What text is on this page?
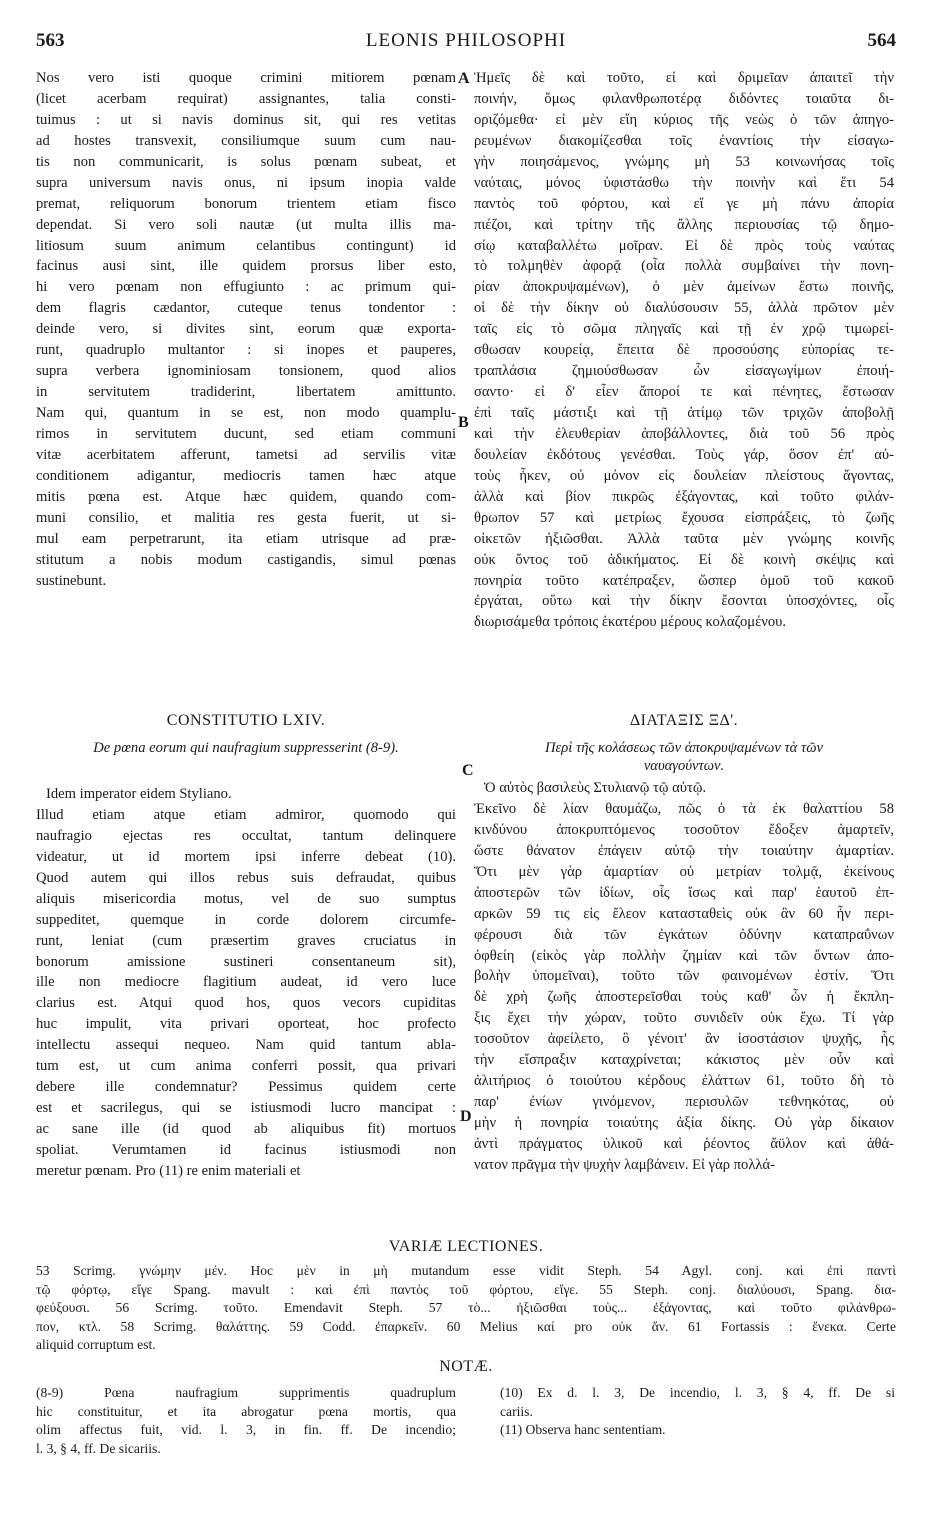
563	LEONIS PHILOSOPHI	564
Nos vero isti quoque crimini mitiorem pœnam
(licet acerbam requirat) assignantes, talia consti-
tuimus : ut si navis dominus sit, qui res vetitas
ad hostes transvexit, consiliumque suum cum nau-
tis non communicarit, is solus pœnam subeat, et
supra universum navis onus, ni ipsum inopia valde
premat, reliquorum bonorum trientem etiam fisco
dependat. Si vero soli nautæ (ut multa illis ma-
litiosum suum animum celantibus contingunt) id
facinus ausi sint, ille quidem prorsus liber esto,
hi vero pœnam non effugiunto : ac primum qui-
dem flagris cædantor, cuteque tenus tondentor :
deinde vero, si divites sint, eorum quæ exporta-
runt, quadruplo multantor : si inopes et pauperes,
supra verbera ignominiosam tonsionem, quod alios
in servitutem tradiderint, libertatem amittunto.
Nam qui, quantum in se est, non modo quamplu-
rimos in servitutem ducunt, sed etiam communi
vitæ acerbitatem afferunt, tametsi ad servilis vitæ
conditionem adigantur, mediocris tamen hæc atque
mitis pœna est. Atque hæc quidem, quando com-
muni consilio, et malitia res gesta fuerit, ut si-
mul eam perpetrarunt, ita etiam utrisque ad præ-
stitutum a nobis modum castigandis, simul pœnas
sustinebunt.
Ἡμεῖς δὲ καὶ τοῦτο, εἰ καὶ δριμεῖαν ἀπαιτεῖ τὴν
ποινήν, ὅμως φιλανθρωποτέρᾳ διδόντες τοιαῦτα δι-
οριζόμεθα· εἰ μὲν εἴη κύριος τῆς νεὼς ὁ τῶν ἀπηγο-
ρευμένων διακομίζεσθαι τοῖς ἐναντίοις τὴν εἰσαγω-
γὴν ποιησάμενος, γνώμης μὴ 53 κοινωνήσας τοῖς
ναύταις, μόνος ὑφιστάσθω τὴν ποινὴν καὶ ἔτι 54
παντὸς τοῦ φόρτου, καὶ εἴ γε μὴ πάνυ ἀπορία
πιέζοι, καὶ τρίτην τῆς ἄλλης περιουσίας τῷ δημο-
σίῳ καταβαλλέτω μοῖραν. Εἰ δὲ πρὸς τοὺς ναύτας
τὸ τολμηθὲν ἀφορᾷ (οἷα πολλὰ συμβαίνει τὴν πονη-
ρίαν ἀποκρυψαμένων), ὁ μὲν ἀμείνων ἔστω ποινῆς,
οἱ δὲ τὴν δίκην οὐ διαλύσουσιν 55, ἀλλὰ πρῶτον μὲν
ταῖς εἰς τὸ σῶμα πληγαῖς καὶ τῇ ἐν χρῷ τιμωρεί-
σθωσαν κουρείᾳ, ἔπειτα δὲ προσούσης εὐπορίας τε-
τραπλάσια ζημιούσθωσαν ὧν εἰσαγωγίμων ἐποιή-
σαντο· εἰ δ' εἶεν ἄποροί τε καὶ πένητες, ἔστωσαν
ἐπὶ ταῖς μάστιξι καὶ τῇ ἀτίμῳ τῶν τριχῶν ἀποβολῇ
καὶ τὴν ἐλευθερίαν ἀποβάλλοντες, διὰ τοῦ 56 πρὸς
δουλείαν ἐκδότους γενέσθαι. Τοὺς γάρ, ὅσον ἐπ' αὐ-
τοὺς ἧκεν, οὐ μόνον εἰς δουλείαν πλείστους ἄγοντας,
ἀλλὰ καὶ βίον πικρῶς ἐξάγοντας, καὶ τοῦτο φιλάν-
θρωπον 57 καὶ μετρίως ἔχουσα εἰσπράξεις, τὸ ζωῆς
οἰκετῶν ἠξιῶσθαι. Ἀλλὰ ταῦτα μὲν γνώμης κοινῆς
οὐκ ὄντος τοῦ ἀδικήματος. Εἰ δὲ κοινὴ σκέψις καὶ
πονηρία τοῦτο κατέπραξεν, ὥσπερ ὁμοῦ τοῦ κακοῦ
ἐργάται, οὕτω καὶ τὴν δίκην ἔσονται ὑποσχόντες, οἷς
διωρισάμεθα τρόποις ἑκατέρου μέρους κολαζομένου.
CONSTITUTIO LXIV.
De pœna eorum qui naufragium suppresserint (8-9).
ΔΙΑΤΑΞΙΣ ΞΔ'.
Περὶ τῆς κολάσεως τῶν ἀποκρυψαμένων τὰ τῶν
ναυαγούντων.
Idem imperator eidem Styliano.
Illud etiam atque etiam admiror, quomodo qui
naufragio ejectas res occultat, tantum delinquere
videatur, ut id mortem ipsi inferre debeat (10).
Quod autem qui illos rebus suis defraudat, quibus
aliquis misericordia motus, vel de suo sumptus
suppeditet, quemque in corde dolorem circumfe-
runt, leniat (cum præsertim graves cruciatus in
bonorum amissione sustineri consentaneum sit),
ille non mediocre flagitium audeat, id vero luce
clarius est. Atqui quod hos, quos vecors cupiditas
huc impulit, vita privari oporteat, hoc profecto
intellectu assequi nequeo. Nam quid tantum abla-
tum est, ut cum anima conferri possit, qua privari
debere ille condemnatur? Pessimus quidem certe
est et sacrilegus, qui se istiusmodi lucro mancipat :
ac sane ille (id quod ab aliquibus fit) mortuos
spoliat. Verumtamen id facinus istiusmodi non
meretur pœnam. Pro (11) re enim materiali et
Ὁ αὐτὸς βασιλεὺς Στυλιανῷ τῷ αὐτῷ.
Ἐκεῖνο δὲ λίαν θαυμάζω, πῶς ὁ τὰ ἐκ θαλαττίου 58
κινδύνου ἀποκρυπτόμενος τοσοῦτον ἔδοξεν ἁμαρτεῖν,
ὥστε θάνατον ἐπάγειν αὐτῷ τὴν τοιαύτην ἁμαρτίαν.
Ὅτι μὲν γὰρ ἁμαρτίαν οὐ μετρίαν τολμᾷ, ἐκείνους
ἀποστερῶν τῶν ἰδίων, οἷς ἴσως καὶ παρ' ἑαυτοῦ ἐπ-
αρκῶν 59 τις εἰς ἔλεον κατασταθεὶς οὐκ ἂν 60 ἦν περι-
φέρουσι διὰ τῶν ἐγκάτων ὀδύνην καταπραΰνων
ὀφθείη (εἰκὸς γὰρ πολλὴν ζημίαν καὶ τῶν ὄντων ἀπο-
βολὴν ὑπομεῖναι), τοῦτο τῶν φαινομένων ἐστίν. Ὅτι
δὲ χρὴ ζωῆς ἀποστερεῖσθαι τοὺς καθ' ὧν ἡ ἔκπλη-
ξις ἔχει τὴν χώραν, τοῦτο συνιδεῖν οὐκ ἔχω. Τί γὰρ
τοσοῦτον ἀφείλετο, ὃ γένοιτ' ἂν ἰσοστάσιον ψυχῆς, ἧς
τὴν εἴσπραξιν καταχρίνεται; κάκιστος μὲν οὖν καὶ
ἀλιτήριος ὁ τοιούτου κέρδους ἐλάττων 61, τοῦτο δὴ τὸ
παρ' ἐνίων γινόμενον, περισυλῶν τεθνηκότας, οὐ
μὴν ἡ πονηρία τοιαύτης ἀξία δίκης. Οὐ γὰρ δίκαιον
ἀντὶ πράγματος ὑλικοῦ καὶ ῥέοντος ἄϋλον καὶ ἀθά-
νατον πρᾶγμα τὴν ψυχὴν λαμβάνειν. Εἰ γὰρ πολλά-
A
B
C
D
VARIÆ LECTIONES.
53 Scrimg. γνώμην μέν. Hoc μὲν in μὴ mutandum esse vidit Steph. 54 Agyl. conj. καὶ ἐπὶ παντὶ
τῷ φόρτῳ, εἴγε Spang. mavult : καὶ ἐπὶ παντὸς τοῦ φόρτου, εἴγε. 55 Steph. conj. διαλύουσι, Spang. δια-
φεύξουσι. 56 Scrimg. τοῦτο. Emendavit Steph. 57 τὸ... ἠξιῶσθαι τοὺς... ἐξάγοντας, καὶ τοῦτο φιλάνθρω-
πον, κτλ. 58 Scrimg. θαλάττης. 59 Codd. ἐπαρκεῖν. 60 Melius καί pro οὐκ ἄν. 61 Fortassis : ἕνεκα. Certe
aliquid corruptum est.
NOTÆ.
(8-9) Pœna naufragium supprimentis quadruplum
hic constituitur, et ita abrogatur pœna mortis, qua
olim affectus fuit, vid. l. 3, in fin. ff. De incendio;
l. 3, § 4, ff. De sicariis.
(10) Ex d. l. 3, De incendio, l. 3, § 4, ff. De si
cariis.
(11) Observa hanc sententiam.
